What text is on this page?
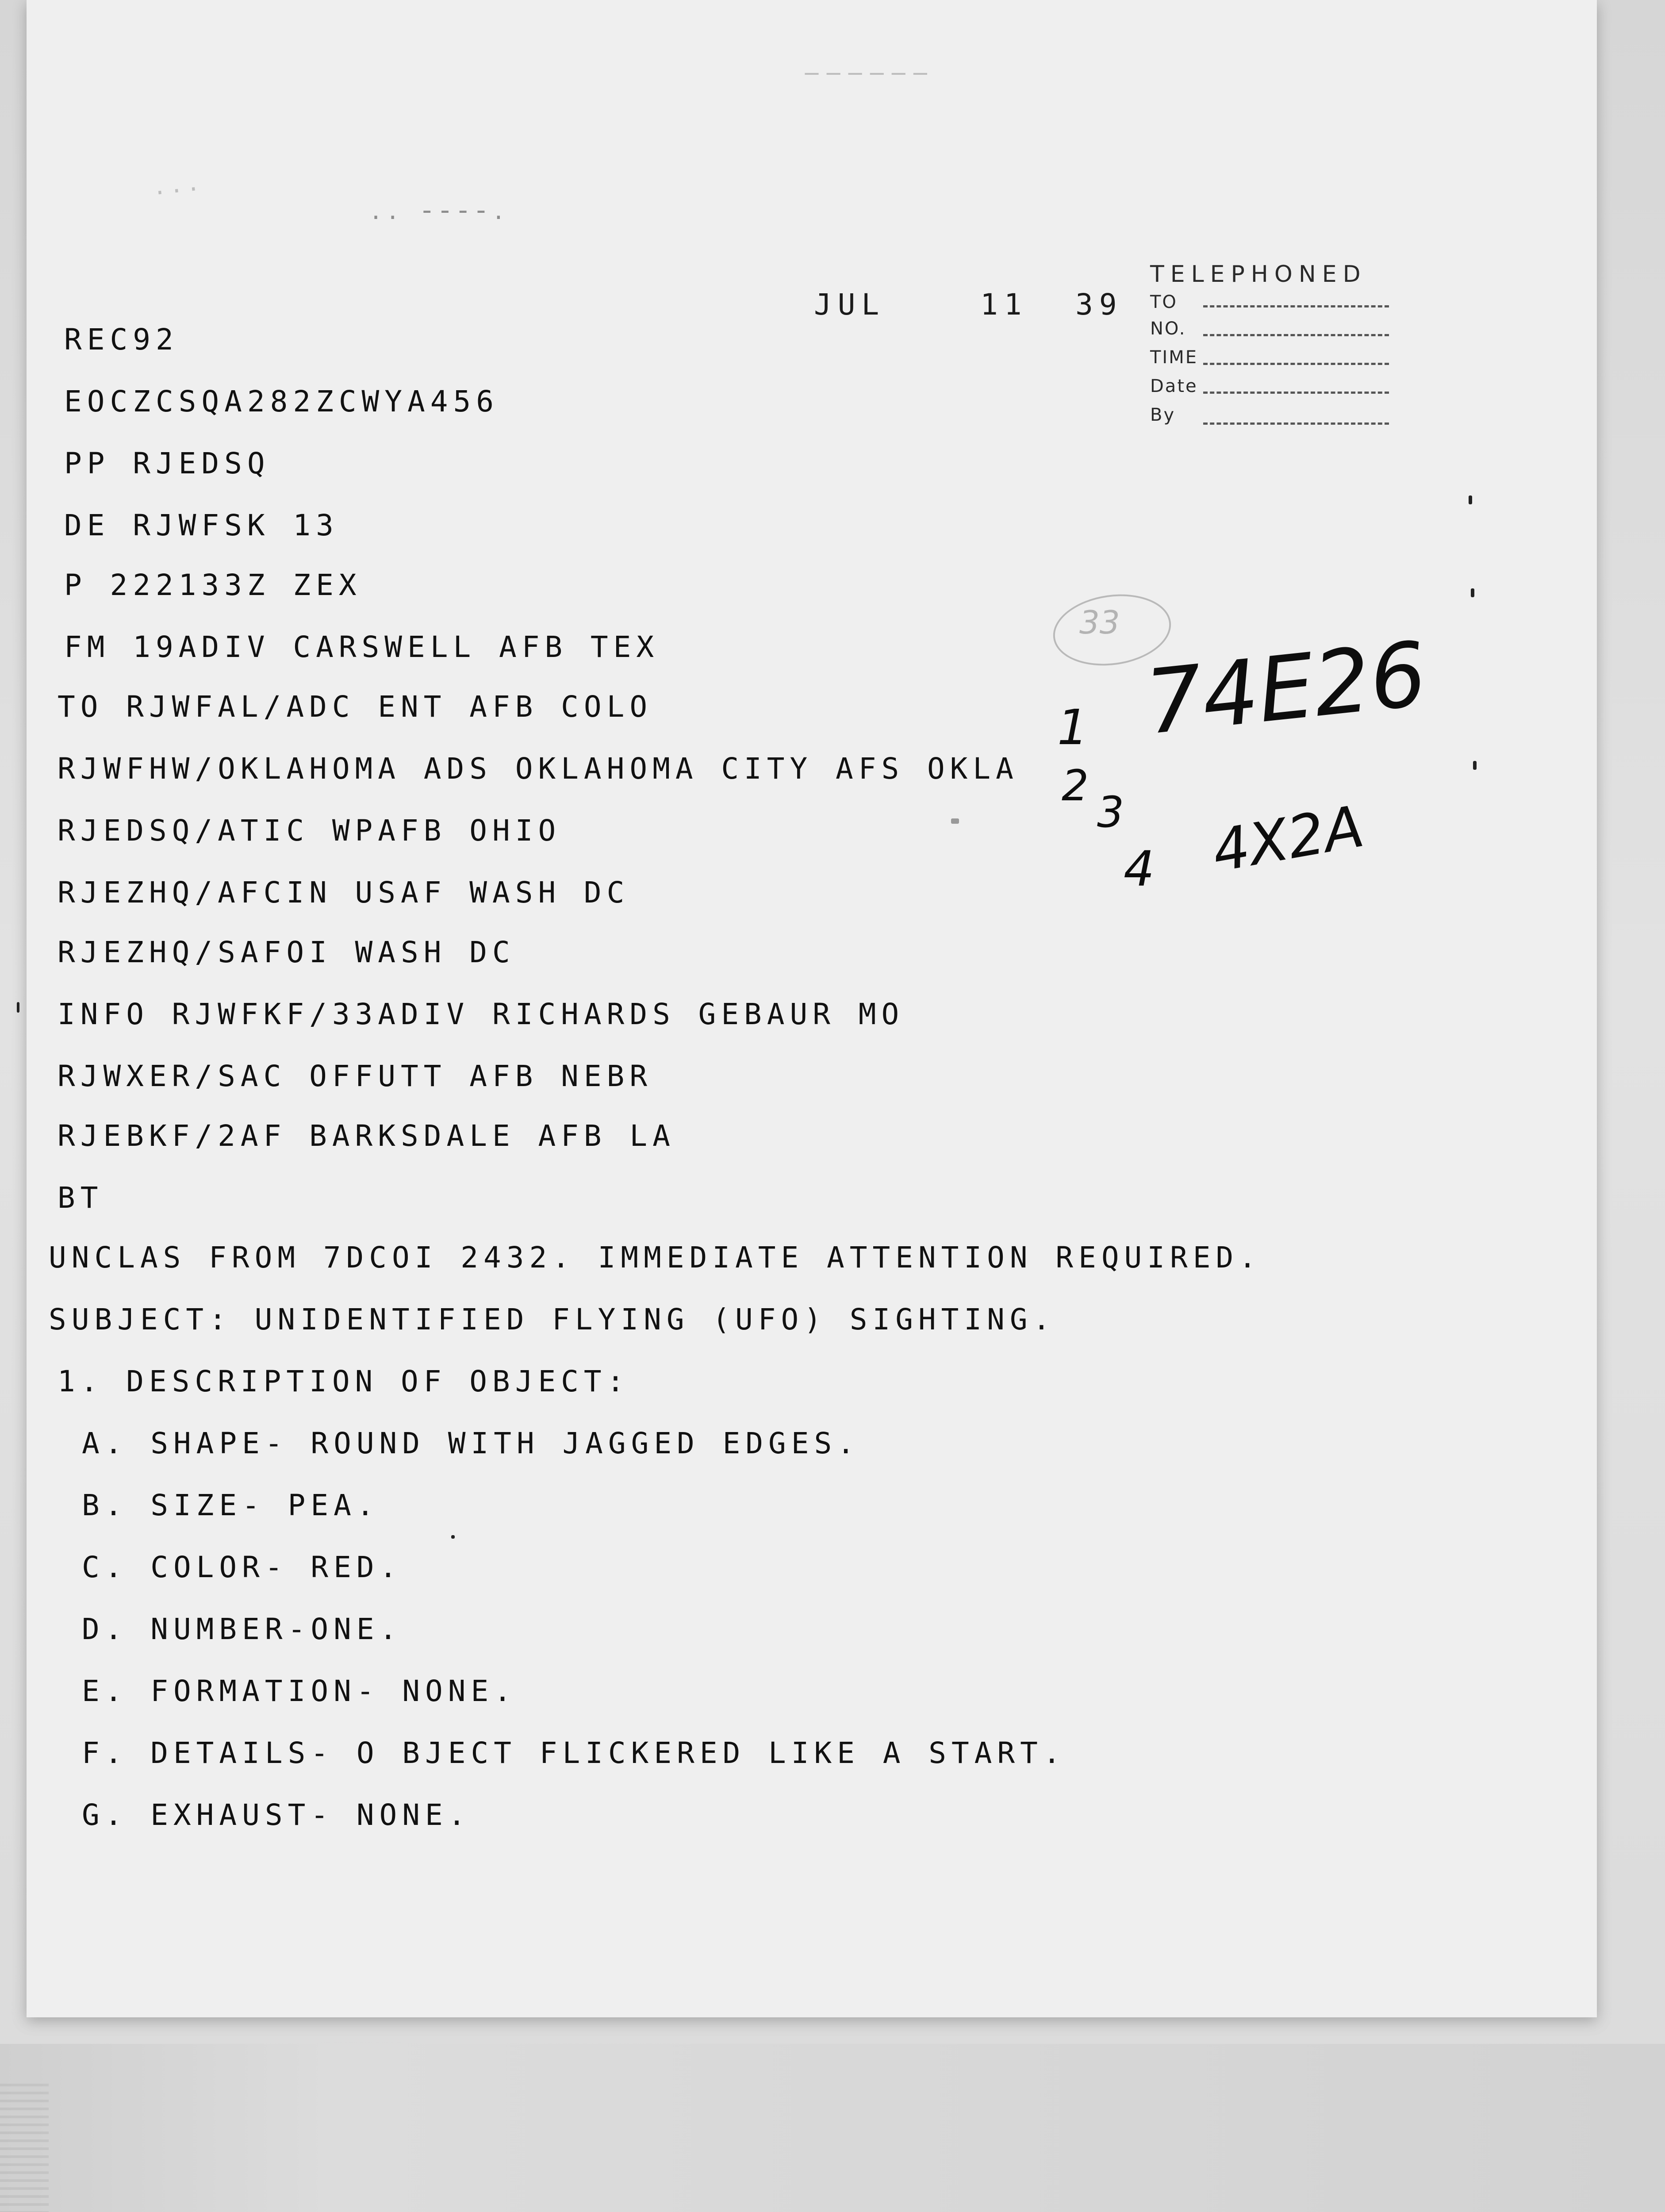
. . .
. .   - - - - .
_ _ _ _ _ _
JUL    11  39
TELEPHONED
TO
NO.
TIME
Date
By
REC92
EOCZCSQA282ZCWYA456
PP RJEDSQ
DE RJWFSK 13
P 222133Z ZEX
FM 19ADIV CARSWELL AFB TEX
TO RJWFAL/ADC ENT AFB COLO
RJWFHW/OKLAHOMA ADS OKLAHOMA CITY AFS OKLA
RJEDSQ/ATIC WPAFB OHIO
RJEZHQ/AFCIN USAF WASH DC
RJEZHQ/SAFOI WASH DC
INFO RJWFKF/33ADIV RICHARDS GEBAUR MO
RJWXER/SAC OFFUTT AFB NEBR
RJEBKF/2AF BARKSDALE AFB LA
BT
UNCLAS FROM 7DCOI 2432. IMMEDIATE ATTENTION REQUIRED.
SUBJECT: UNIDENTIFIED FLYING (UFO) SIGHTING.
1. DESCRIPTION OF OBJECT:
A. SHAPE- ROUND WITH JAGGED EDGES.
B. SIZE- PEA.
C. COLOR- RED.
D. NUMBER-ONE.
E. FORMATION- NONE.
F. DETAILS- O BJECT FLICKERED LIKE A START.
G. EXHAUST- NONE.
33
74E26
1
2
3
4 4X2A
